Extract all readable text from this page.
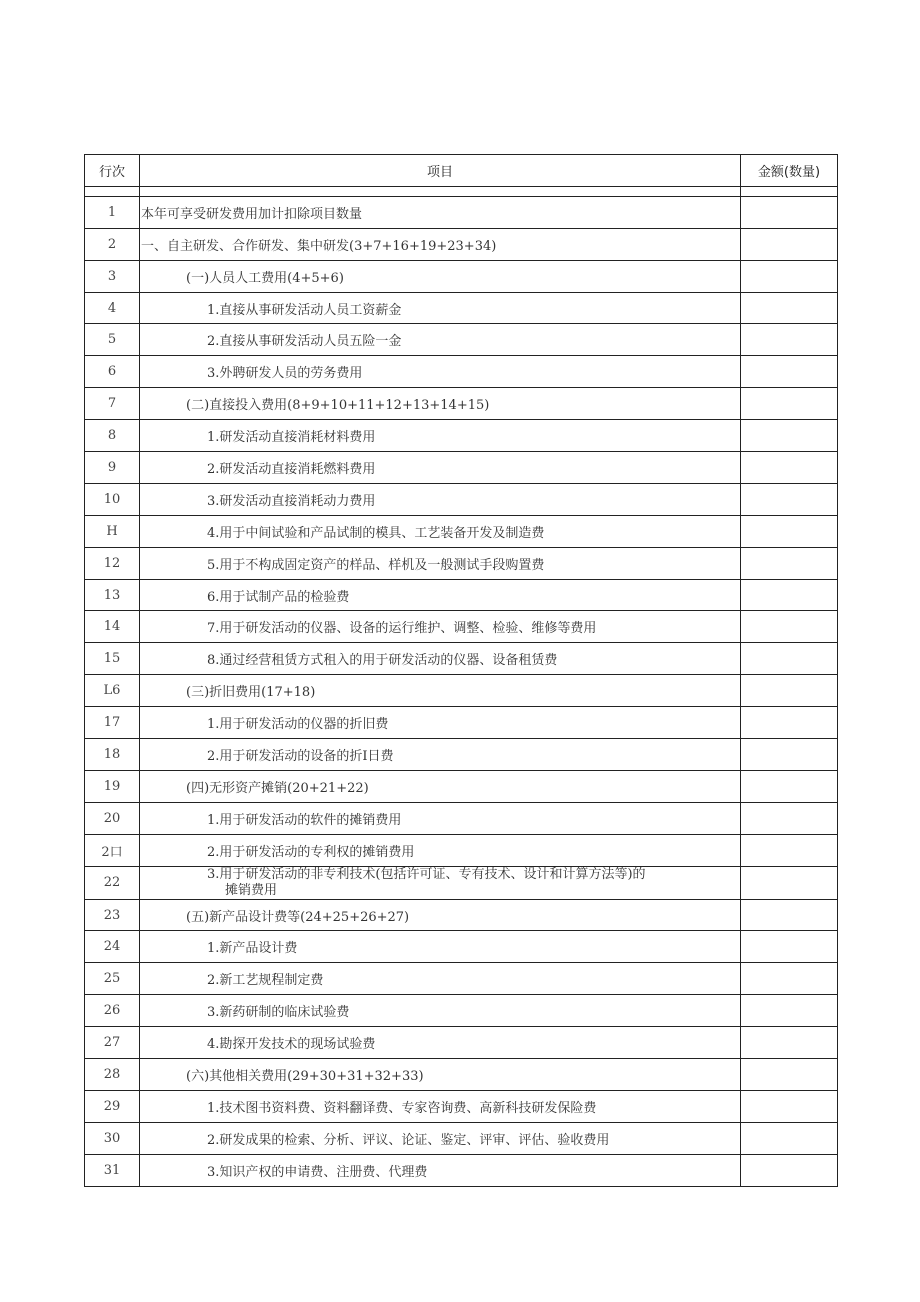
行次	项目	金额(数量)

1	本年可享受研发费用加计扣除项目数量	
2	一、自主研发、合作研发、集中研发(3+7+16+19+23+34)	
3	(一)人员人工费用(4+5+6)	
4	1.直接从事研发活动人员工资薪金	
5	2.直接从事研发活动人员五险一金	
6	3.外聘研发人员的劳务费用	
7	(二)直接投入费用(8+9+10+11+12+13+14+15)	
8	1.研发活动直接消耗材料费用	
9	2.研发活动直接消耗燃料费用	
10	3.研发活动直接消耗动力费用	
H	4.用于中间试验和产品试制的模具、工艺装备开发及制造费	
12	5.用于不构成固定资产的样品、样机及一般测试手段购置费	
13	6.用于试制产品的检验费	
14	7.用于研发活动的仪器、设备的运行维护、调整、检验、维修等费用	
15	8.通过经营租赁方式租入的用于研发活动的仪器、设备租赁费	
L6	(三)折旧费用(17+18)	
17	1.用于研发活动的仪器的折旧费	
18	2.用于研发活动的设备的折I日费	
19	(四)无形资产摊销(20+21+22)	
20	1.用于研发活动的软件的摊销费用	
2口	2.用于研发活动的专利权的摊销费用	
22	3.用于研发活动的非专利技术(包括许可证、专有技术、设计和计算方法等)的
摊销费用	

23	(五)新产品设计费等(24+25+26+27)	
24	1.新产品设计费	
25	2.新工艺规程制定费	
26	3.新药研制的临床试验费	
27	4.勘探开发技术的现场试验费	
28	(六)其他相关费用(29+30+31+32+33)	
29	1.技术图书资料费、资料翻译费、专家咨询费、高新科技研发保险费	
30	2.研发成果的检索、分析、评议、论证、鉴定、评审、评估、验收费用	
31	3.知识产权的申请费、注册费、代理费	
